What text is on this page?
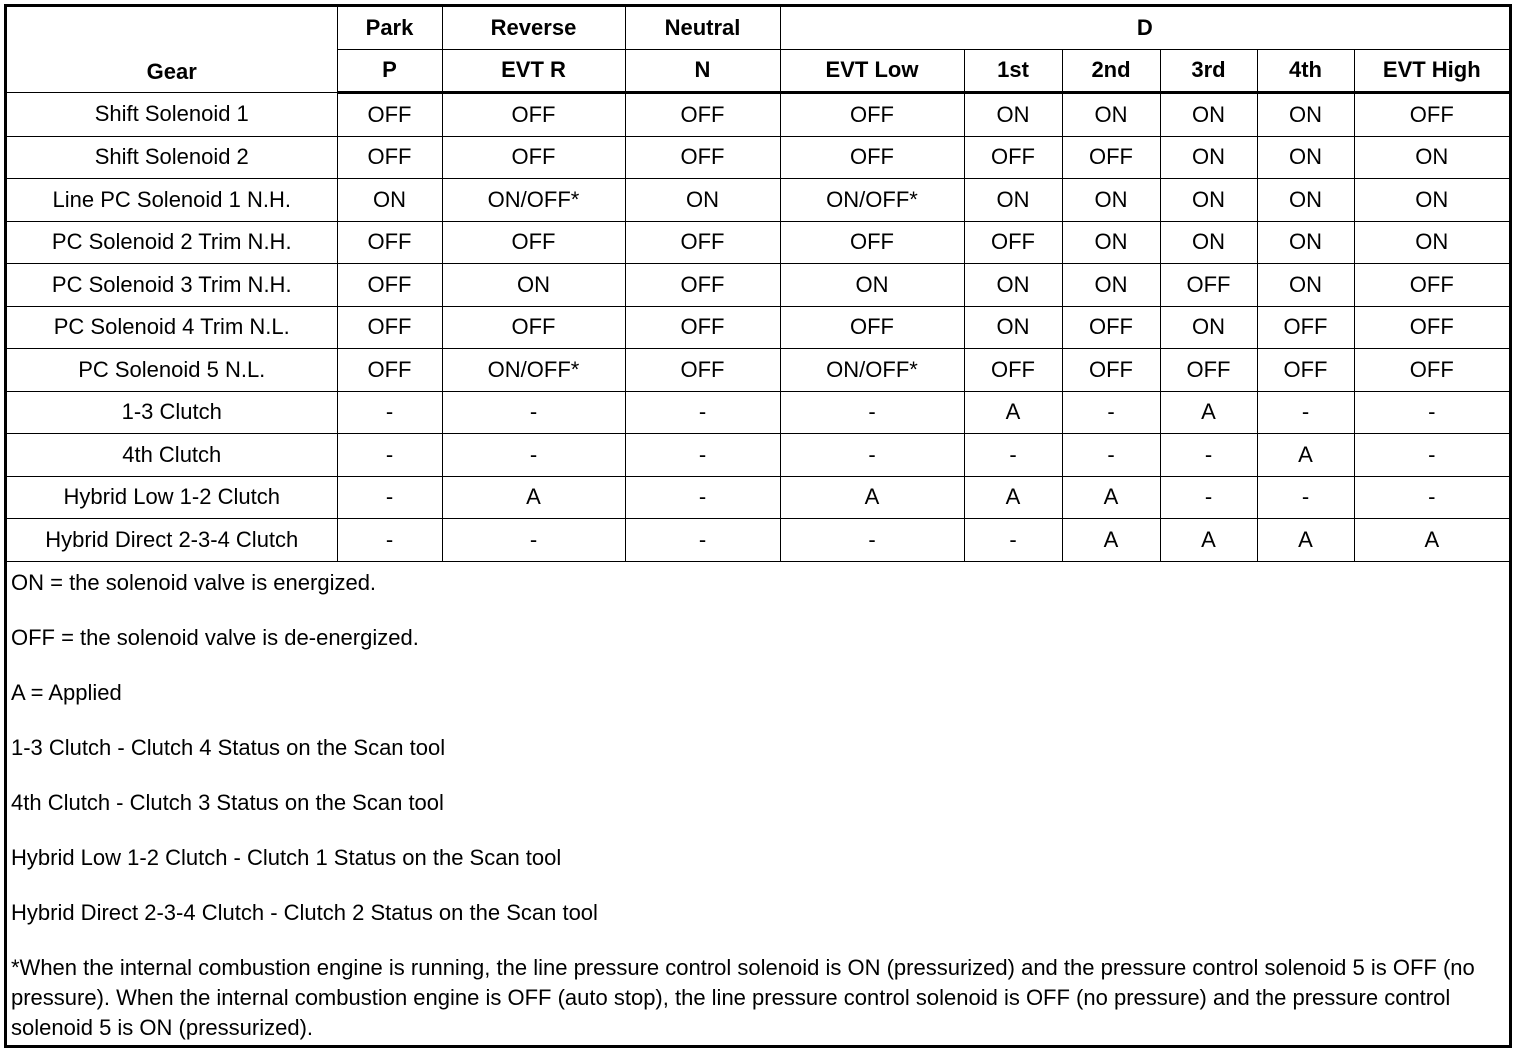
Gear	Park	Reverse	Neutral	D					
	P	EVT R	N	EVT Low	1st	2nd	3rd	4th	EVT High
Shift Solenoid 1	OFF	OFF	OFF	OFF	ON	ON	ON	ON	OFF
Shift Solenoid 2	OFF	OFF	OFF	OFF	OFF	OFF	ON	ON	ON
Line PC Solenoid 1 N.H.	ON	ON/OFF*	ON	ON/OFF*	ON	ON	ON	ON	ON
PC Solenoid 2 Trim N.H.	OFF	OFF	OFF	OFF	OFF	ON	ON	ON	ON
PC Solenoid 3 Trim N.H.	OFF	ON	OFF	ON	ON	ON	OFF	ON	OFF
PC Solenoid 4 Trim N.L.	OFF	OFF	OFF	OFF	ON	OFF	ON	OFF	OFF
PC Solenoid 5 N.L.	OFF	ON/OFF*	OFF	ON/OFF*	OFF	OFF	OFF	OFF	OFF
1-3 Clutch	-	-	-	-	A	-	A	-	-
4th Clutch	-	-	-	-	-	-	-	A	-
Hybrid Low 1-2 Clutch	-	A	-	A	A	A	-	-	-
Hybrid Direct 2-3-4 Clutch	-	-	-	-	-	A	A	A	A

ON = the solenoid valve is energized.

OFF = the solenoid valve is de-energized.

A = Applied

1-3 Clutch - Clutch 4 Status on the Scan tool

4th Clutch - Clutch 3 Status on the Scan tool

Hybrid Low 1-2 Clutch - Clutch 1 Status on the Scan tool

Hybrid Direct 2-3-4 Clutch - Clutch 2 Status on the Scan tool

*When the internal combustion engine is running, the line pressure control solenoid is ON (pressurized) and the pressure control solenoid 5 is OFF (no pressure). When the internal combustion engine is OFF (auto stop), the line pressure control solenoid is OFF (no pressure) and the pressure control solenoid 5 is ON (pressurized).
